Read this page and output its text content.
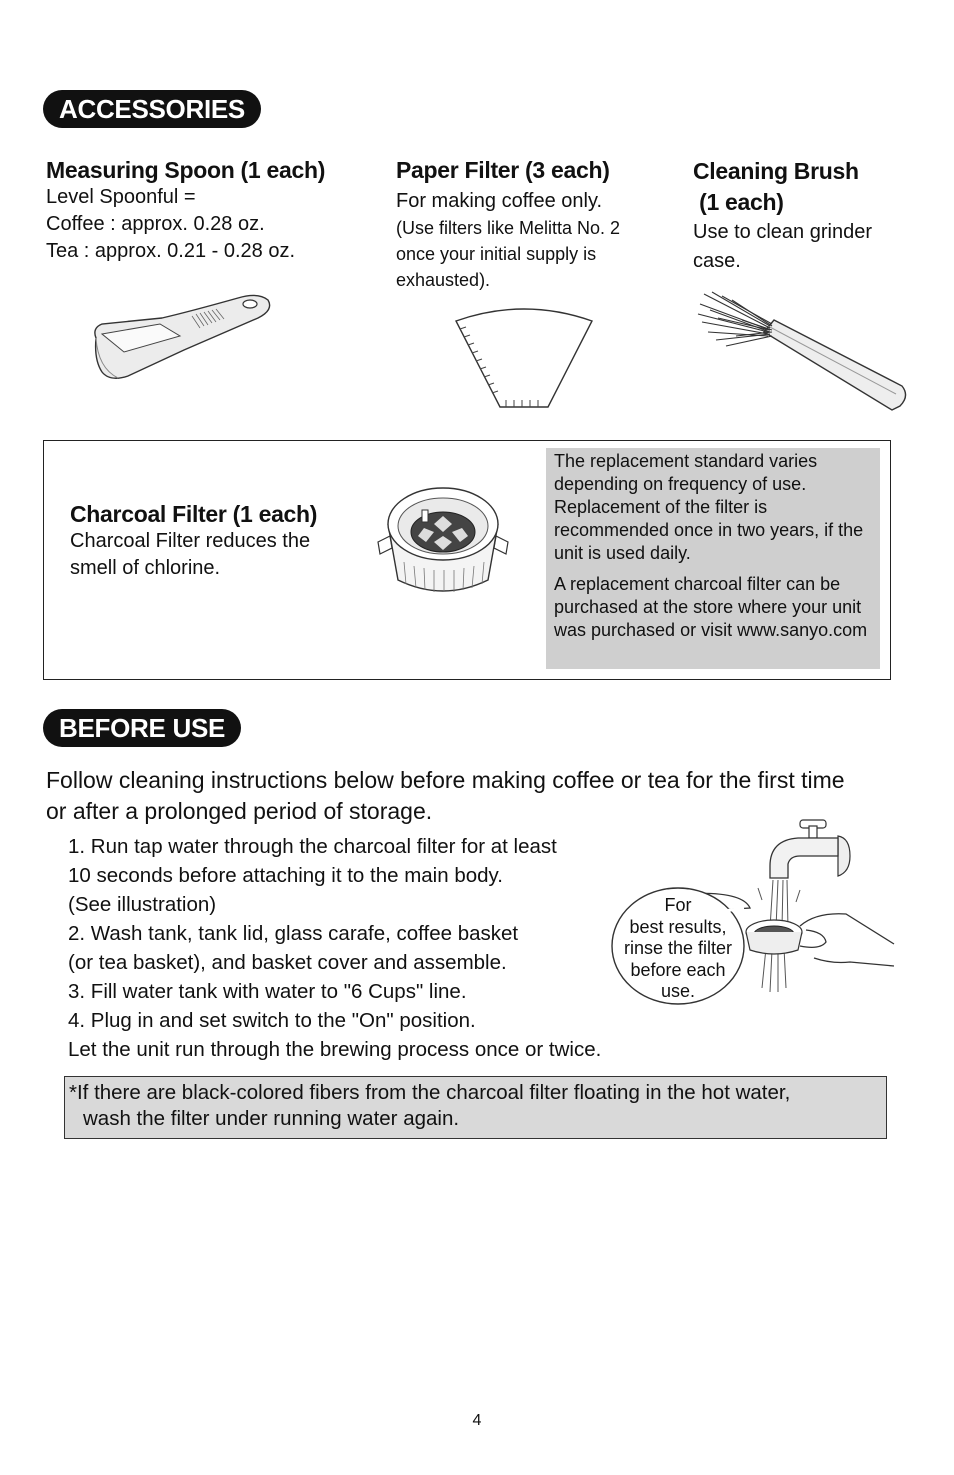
ACCESSORIES
Measuring Spoon (1 each)
Level Spoonful =
Coffee : approx. 0.28 oz.
Tea : approx. 0.21 - 0.28 oz.
Paper Filter (3 each)
For making coffee only.
(Use filters like Melitta No. 2
once your initial supply is
exhausted).
Cleaning Brush
(1 each)
Use to clean grinder
case.
Charcoal Filter (1 each)
Charcoal Filter reduces the
smell of chlorine.

The replacement standard varies depending on frequency of use. Replacement of the filter is recommended once in two years, if the unit is used daily.

A replacement charcoal filter can be purchased at the store where your unit was purchased or visit www.sanyo.com

BEFORE USE
Follow cleaning instructions below before making coffee or tea for the first time
or after a prolonged period of storage.
1. Run tap water through the charcoal filter for at least
10 seconds before attaching it to the main body.
(See illustration)
2. Wash tank, tank lid, glass carafe, coffee basket
(or tea basket), and basket cover and assemble.
3. Fill water tank with water to "6 Cups" line.
4. Plug in and set switch to the "On" position.
Let the unit run through the brewing process once or twice.
For
best results,
rinse the filter
before each
use.
*If there are black-colored fibers from the charcoal filter floating in the hot water,
wash the filter under running water again.
4
